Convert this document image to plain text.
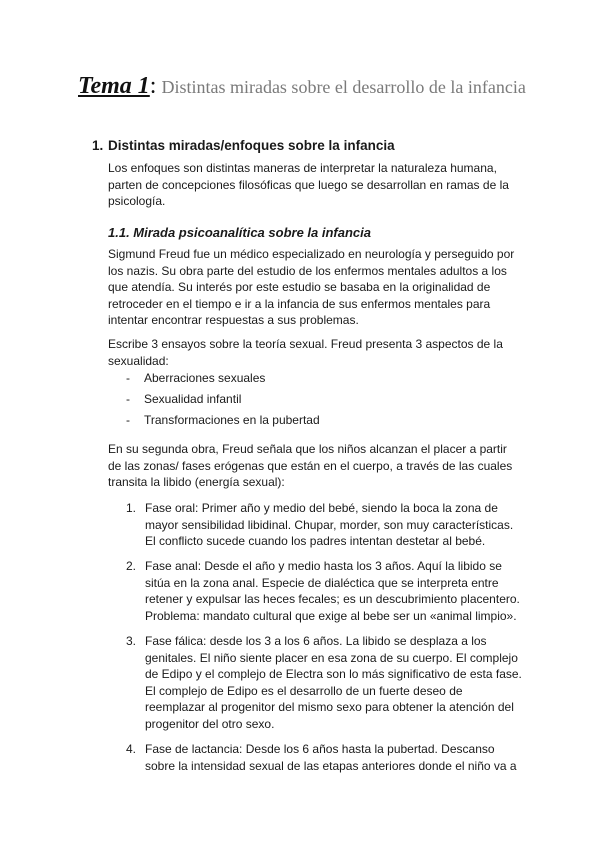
Tema 1: Distintas miradas sobre el desarrollo de la infancia
1. Distintas miradas/enfoques sobre la infancia
Los enfoques son distintas maneras de interpretar la naturaleza humana,
parten de concepciones filosóficas que luego se desarrollan en ramas de la
psicología.
1.1. Mirada psicoanalítica sobre la infancia
Sigmund Freud fue un médico especializado en neurología y perseguido por
los nazis. Su obra parte del estudio de los enfermos mentales adultos a los
que atendía. Su interés por este estudio se basaba en la originalidad de
retroceder en el tiempo e ir a la infancia de sus enfermos mentales para
intentar encontrar respuestas a sus problemas.
Escribe 3 ensayos sobre la teoría sexual. Freud presenta 3 aspectos de la
sexualidad:
- Aberraciones sexuales
- Sexualidad infantil
- Transformaciones en la pubertad
En su segunda obra, Freud señala que los niños alcanzan el placer a partir
de las zonas/ fases erógenas que están en el cuerpo, a través de las cuales
transita la libido (energía sexual):
1. Fase oral: Primer año y medio del bebé, siendo la boca la zona de
mayor sensibilidad libidinal. Chupar, morder, son muy características.
El conflicto sucede cuando los padres intentan destetar al bebé.
2. Fase anal: Desde el año y medio hasta los 3 años. Aquí la libido se
sitúa en la zona anal. Especie de dialéctica que se interpreta entre
retener y expulsar las heces fecales; es un descubrimiento placentero.
Problema: mandato cultural que exige al bebe ser un «animal limpio».
3. Fase fálica: desde los 3 a los 6 años. La libido se desplaza a los
genitales. El niño siente placer en esa zona de su cuerpo. El complejo
de Edipo y el complejo de Electra son lo más significativo de esta fase.
El complejo de Edipo es el desarrollo de un fuerte deseo de
reemplazar al progenitor del mismo sexo para obtener la atención del
progenitor del otro sexo.
4. Fase de lactancia: Desde los 6 años hasta la pubertad. Descanso
sobre la intensidad sexual de las etapas anteriores donde el niño va a
